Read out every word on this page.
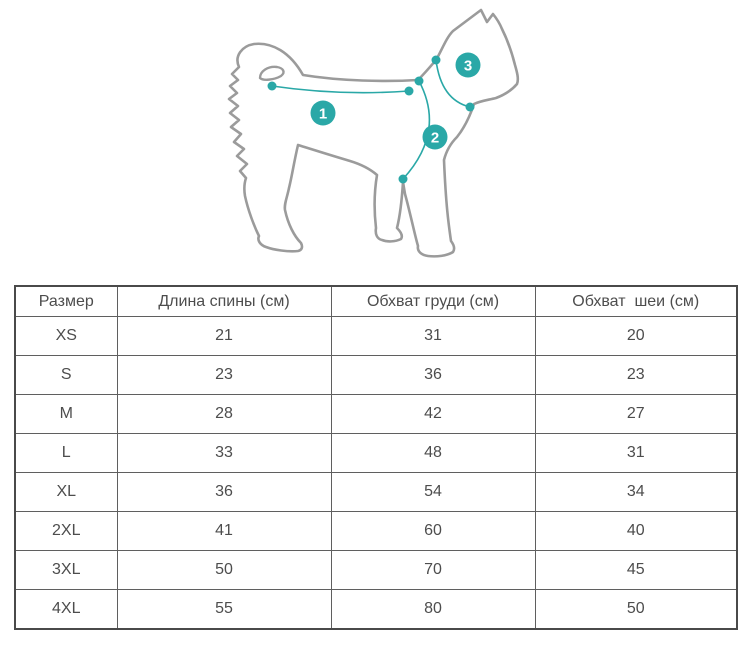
1
2
3
Размер	Длина спины (см)	Обхват груди (см)	Обхват  шеи (см)
XS	21	31	20
S	23	36	23
M	28	42	27
L	33	48	31
XL	36	54	34
2XL	41	60	40
3XL	50	70	45
4XL	55	80	50
